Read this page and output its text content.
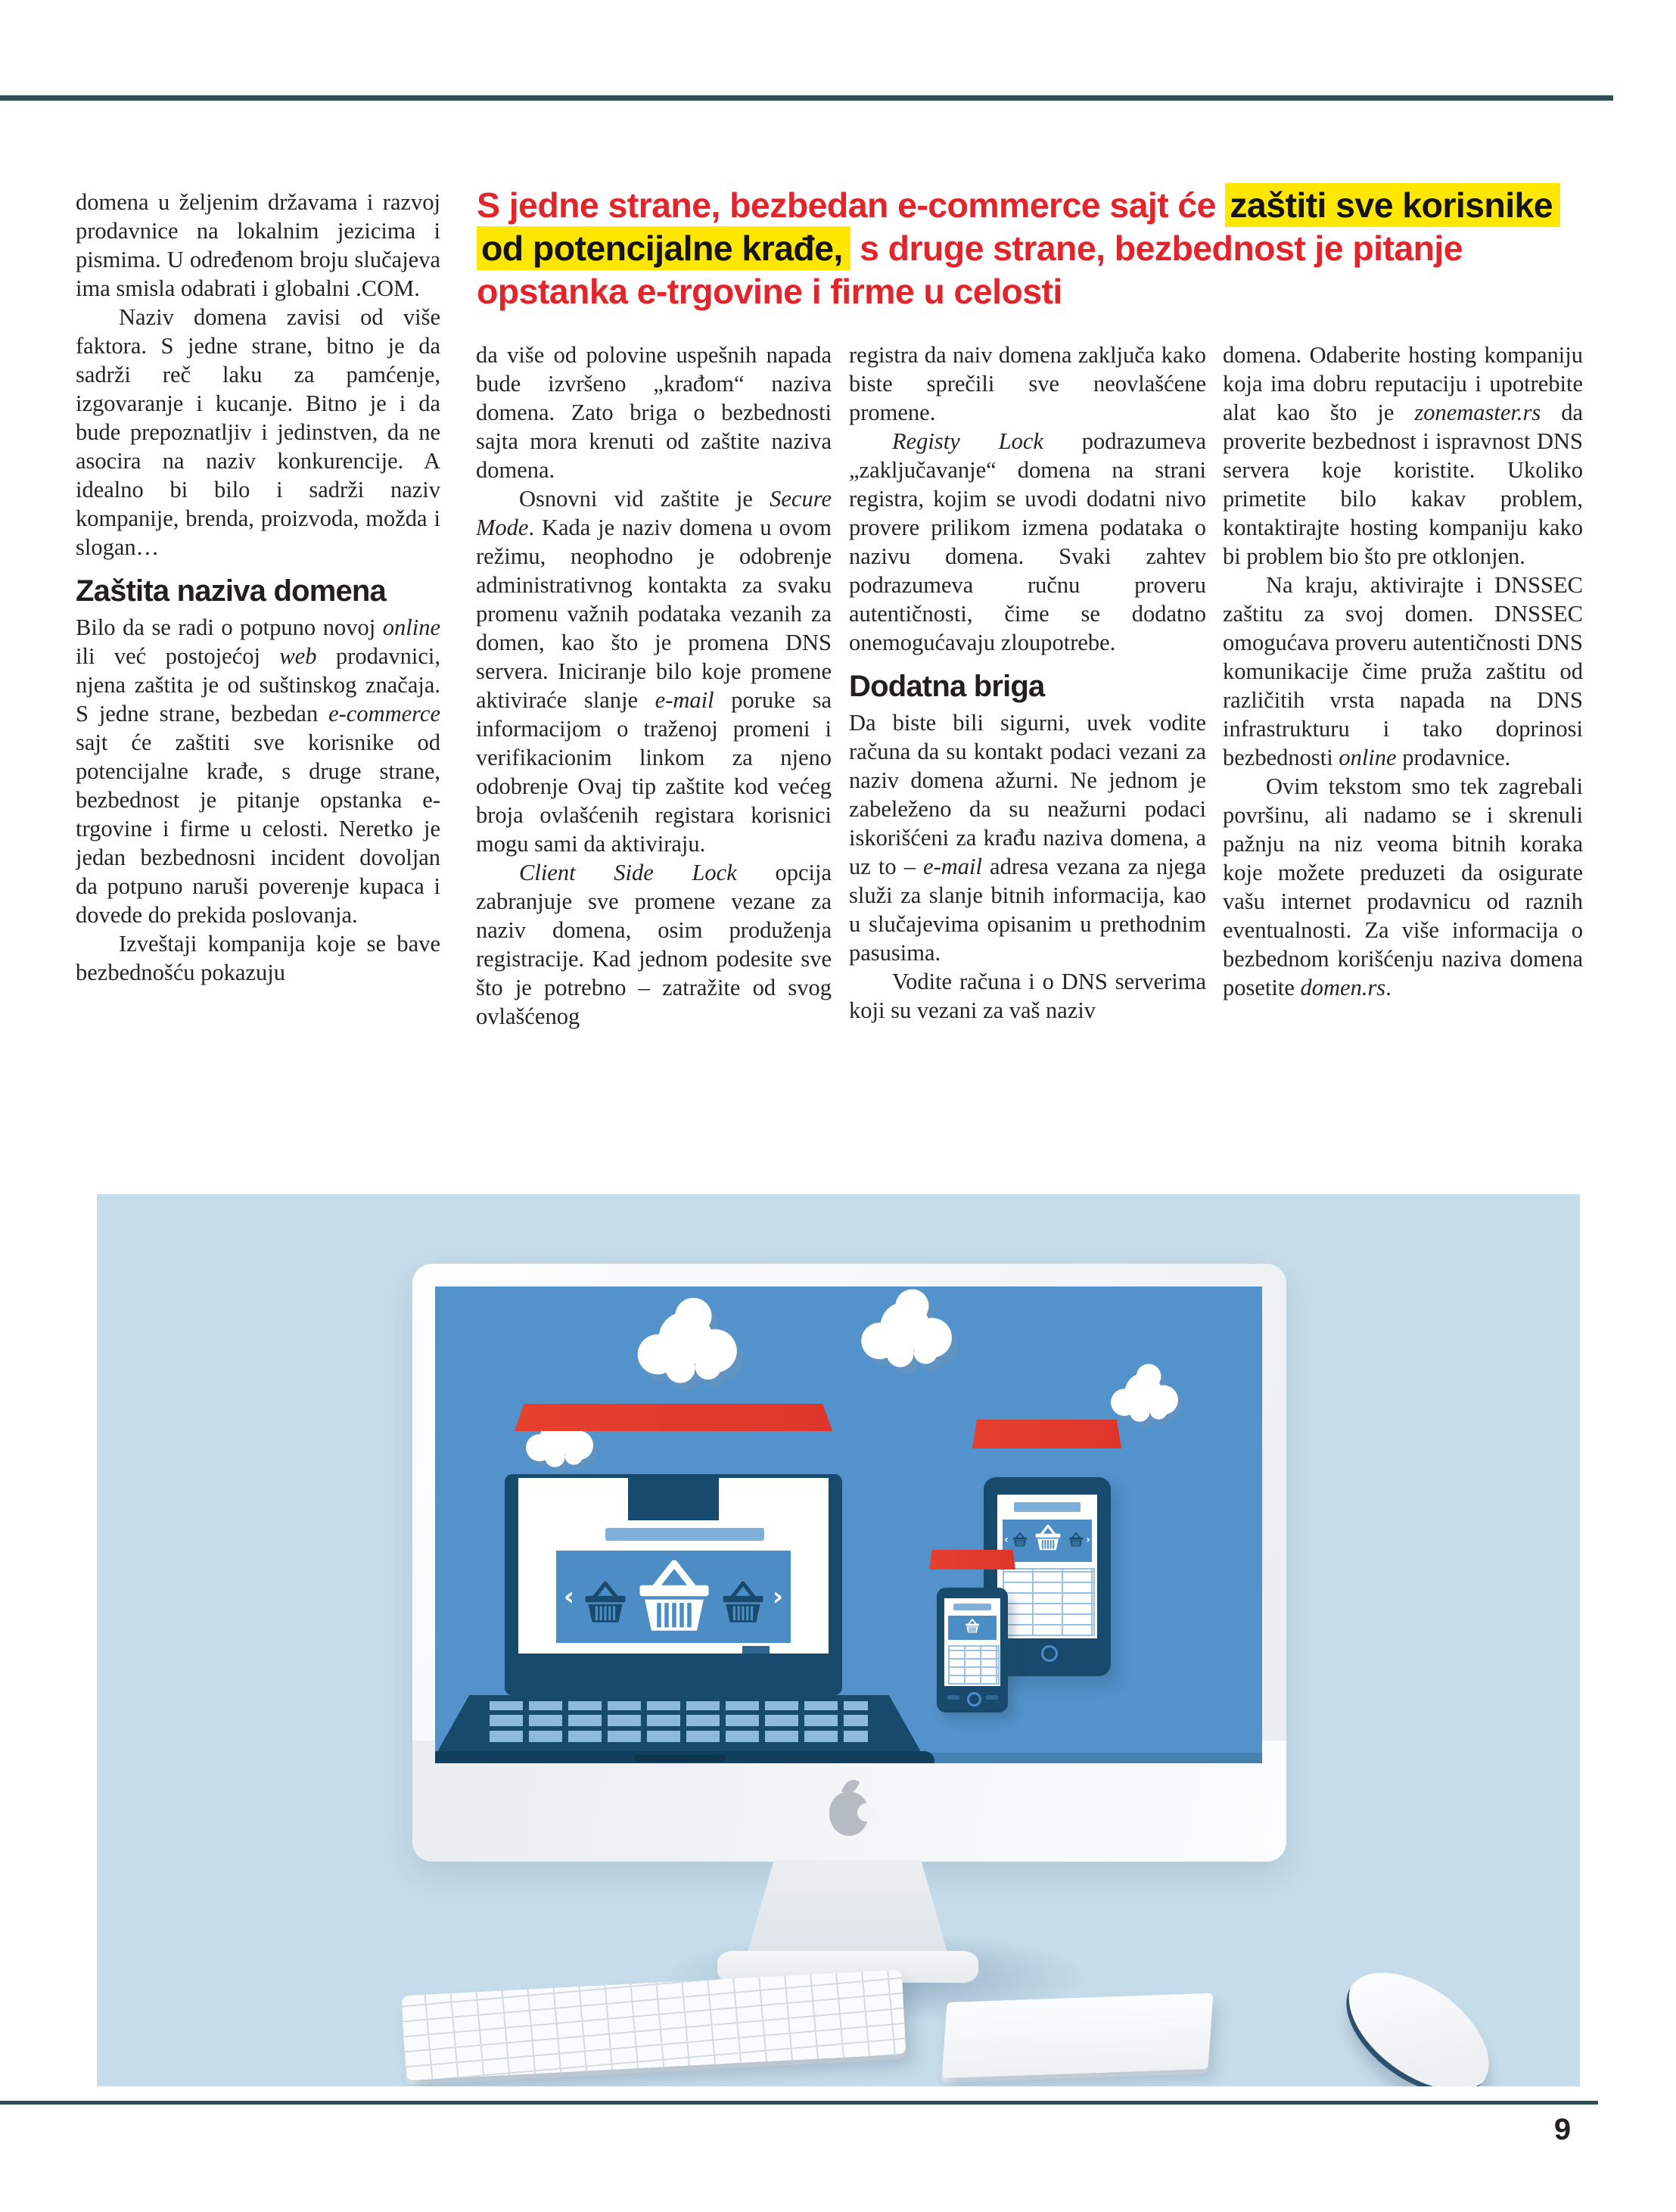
S jedne strane, bezbedan e-commerce sajt će zaštiti sve korisnike od potencijalne krađe, s druge strane, bezbednost je pitanje opstanka e-trgovine i firme u celosti

domena u željenim državama i razvoj prodavnice na lokalnim jezicima i pismima. U određenom broju slučajeva ima smisla odabrati i globalni .COM.

Naziv domena zavisi od više faktora. S jedne strane, bitno je da sadrži reč laku za pamćenje, izgovaranje i kucanje. Bitno je i da bude prepoznatljiv i jedinstven, da ne asocira na naziv konkurencije. A idealno bi bilo i sadrži naziv kompanije, brenda, proizvoda, možda i slogan…

Zaštita naziva domena

Bilo da se radi o potpuno novoj online ili već postojećoj web prodavnici, njena zaštita je od suštinskog značaja. S jedne strane, bezbedan e-commerce sajt će zaštiti sve korisnike od potencijalne krađe, s druge strane, bezbednost je pitanje opstanka e-trgovine i firme u celosti. Neretko je jedan bezbednosni incident dovoljan da potpuno naruši poverenje kupaca i dovede do prekida poslovanja.

Izveštaji kompanija koje se bave bezbednošću pokazuju

da više od polovine uspešnih napada bude izvršeno „krađom“ naziva domena. Zato briga o bezbednosti sajta mora krenuti od zaštite naziva domena.

Osnovni vid zaštite je Secure Mode. Kada je naziv domena u ovom režimu, neophodno je odobrenje administrativnog kontakta za svaku promenu važnih podataka vezanih za domen, kao što je promena DNS servera. Iniciranje bilo koje promene aktiviraće slanje e-mail poruke sa informacijom o traženoj promeni i verifikacionim linkom za njeno odobrenje Ovaj tip zaštite kod većeg broja ovlašćenih registara korisnici mogu sami da aktiviraju.

Client Side Lock opcija zabranjuje sve promene vezane za naziv domena, osim produženja registracije. Kad jednom podesite sve što je potrebno – zatražite od svog ovlašćenog

registra da naiv domena zaključa kako biste sprečili sve neovlašćene promene.

Registy Lock podrazumeva „zaključavanje“ domena na strani registra, kojim se uvodi dodatni nivo provere prilikom izmena podataka o nazivu domena. Svaki zahtev podrazumeva ručnu proveru autentičnosti, čime se dodatno onemogućavaju zloupotrebe.

Dodatna briga

Da biste bili sigurni, uvek vodite računa da su kontakt podaci vezani za naziv domena ažurni. Ne jednom je zabeleženo da su neažurni podaci iskorišćeni za krađu naziva domena, a uz to – e-mail adresa vezana za njega služi za slanje bitnih informacija, kao u slučajevima opisanim u prethodnim pasusima.

Vodite računa i o DNS serverima koji su vezani za vaš naziv

domena. Odaberite hosting kompaniju koja ima dobru reputaciju i upotrebite alat kao što je zonemaster.rs da proverite bezbednost i ispravnost DNS servera koje koristite. Ukoliko primetite bilo kakav problem, kontaktirajte hosting kompaniju kako bi problem bio što pre otklonjen.

Na kraju, aktivirajte i DNSSEC zaštitu za svoj domen. DNSSEC omogućava proveru autentičnosti DNS komunikacije čime pruža zaštitu od različitih vrsta napada na DNS infrastrukturu i tako doprinosi bezbednosti online prodavnice.

Ovim tekstom smo tek zagrebali površinu, ali nadamo se i skrenuli pažnju na niz veoma bitnih koraka koje možete preduzeti da osigurate vašu internet prodavnicu od raznih eventualnosti. Za više informacija o bezbednom korišćenju naziva domena posetite domen.rs.

‹	›
‹	›
9
